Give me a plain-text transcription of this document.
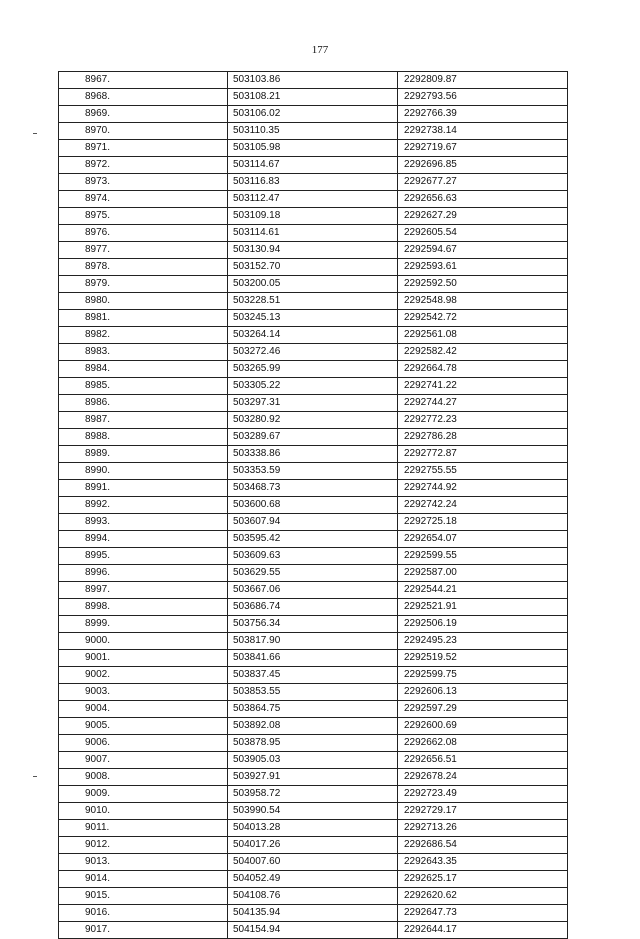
177
8967.	503103.86	2292809.87
8968.	503108.21	2292793.56
8969.	503106.02	2292766.39
8970.	503110.35	2292738.14
8971.	503105.98	2292719.67
8972.	503114.67	2292696.85
8973.	503116.83	2292677.27
8974.	503112.47	2292656.63
8975.	503109.18	2292627.29
8976.	503114.61	2292605.54
8977.	503130.94	2292594.67
8978.	503152.70	2292593.61
8979.	503200.05	2292592.50
8980.	503228.51	2292548.98
8981.	503245.13	2292542.72
8982.	503264.14	2292561.08
8983.	503272.46	2292582.42
8984.	503265.99	2292664.78
8985.	503305.22	2292741.22
8986.	503297.31	2292744.27
8987.	503280.92	2292772.23
8988.	503289.67	2292786.28
8989.	503338.86	2292772.87
8990.	503353.59	2292755.55
8991.	503468.73	2292744.92
8992.	503600.68	2292742.24
8993.	503607.94	2292725.18
8994.	503595.42	2292654.07
8995.	503609.63	2292599.55
8996.	503629.55	2292587.00
8997.	503667.06	2292544.21
8998.	503686.74	2292521.91
8999.	503756.34	2292506.19
9000.	503817.90	2292495.23
9001.	503841.66	2292519.52
9002.	503837.45	2292599.75
9003.	503853.55	2292606.13
9004.	503864.75	2292597.29
9005.	503892.08	2292600.69
9006.	503878.95	2292662.08
9007.	503905.03	2292656.51
9008.	503927.91	2292678.24
9009.	503958.72	2292723.49
9010.	503990.54	2292729.17
9011.	504013.28	2292713.26
9012.	504017.26	2292686.54
9013.	504007.60	2292643.35
9014.	504052.49	2292625.17
9015.	504108.76	2292620.62
9016.	504135.94	2292647.73
9017.	504154.94	2292644.17
